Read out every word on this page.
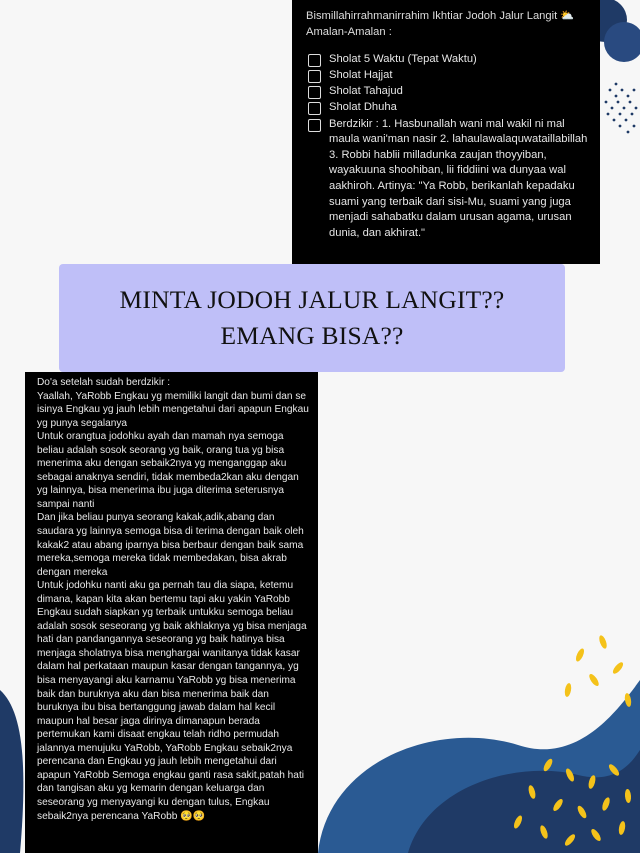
Bismillahirrahmanirrahim Ikhtiar Jodoh Jalur Langit ⛅
Amalan-Amalan :
Sholat 5 Waktu (Tepat Waktu)
Sholat Hajjat
Sholat Tahajud
Sholat Dhuha
Berdzikir : 1. Hasbunallah wani mal wakil ni mal maula wani'man nasir 2. lahaulawalaquwataillabillah 3. Robbi hablii milladunka zaujan thoyyiban, wayakuuna shoohiban, lii fiddiini wa dunyaa wal aakhiroh. Artinya: "Ya Robb, berikanlah kepadaku suami yang terbaik dari sisi-Mu, suami yang juga menjadi sahabatku dalam urusan agama, urusan dunia, dan akhirat."
MINTA JODOH JALUR LANGIT??
EMANG BISA??

Do'a setelah sudah berdzikir :

Yaallah, YaRobb Engkau yg memiliki langit dan bumi dan se isinya Engkau yg jauh lebih mengetahui dari apapun Engkau yg punya segalanya

Untuk orangtua jodohku ayah dan mamah nya semoga beliau adalah sosok seorang yg baik, orang tua yg bisa menerima aku dengan sebaik2nya yg menganggap aku sebagai anaknya sendiri, tidak membeda2kan aku dengan yg lainnya, bisa menerima ibu juga diterima seterusnya sampai nanti

Dan jika beliau punya seorang kakak,adik,abang dan saudara yg lainnya semoga bisa di terima dengan baik oleh kakak2 atau abang iparnya bisa berbaur dengan baik sama mereka,semoga mereka tidak membedakan, bisa akrab dengan mereka

Untuk jodohku nanti aku ga pernah tau dia siapa, ketemu dimana, kapan kita akan bertemu tapi aku yakin YaRobb Engkau sudah siapkan yg terbaik untukku semoga beliau adalah sosok seseorang yg baik akhlaknya yg bisa menjaga hati dan pandangannya seseorang yg baik hatinya bisa menjaga sholatnya bisa menghargai wanitanya tidak kasar dalam hal perkataan maupun kasar dengan tangannya, yg bisa menyayangi aku karnamu YaRobb yg bisa menerima baik dan buruknya aku dan bisa menerima baik dan buruknya ibu bisa bertanggung jawab dalam hal kecil maupun hal besar jaga dirinya dimanapun berada pertemukan kami disaat engkau telah ridho permudah jalannya menujuku YaRobb, YaRobb Engkau sebaik2nya perencana dan Engkau yg jauh lebih mengetahui dari apapun YaRobb Semoga engkau ganti rasa sakit,patah hati dan tangisan aku yg kemarin dengan keluarga dan seseorang yg menyayangi ku dengan tulus, Engkau sebaik2nya perencana YaRobb 🥺🥺
